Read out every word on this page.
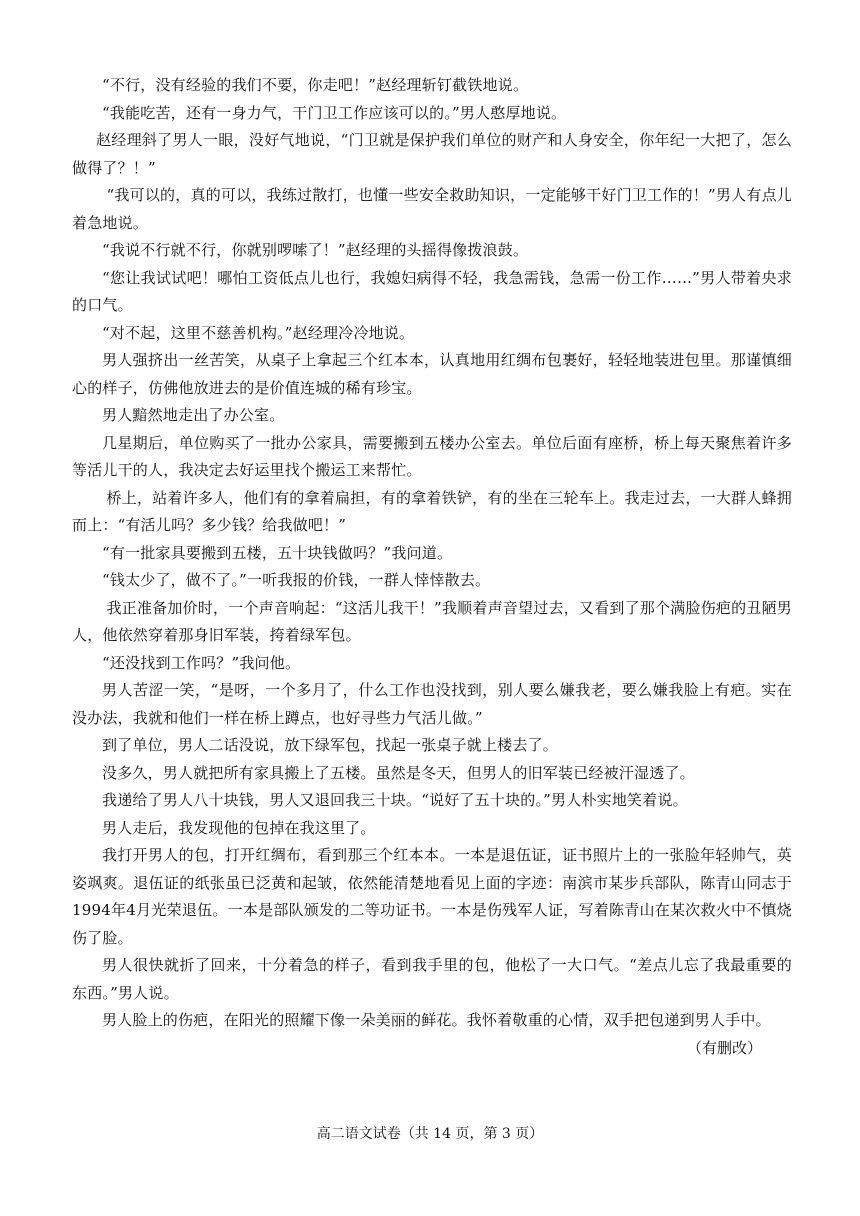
“不行，没有经验的我们不要，你走吧！”赵经理斩钉截铁地说。

“我能吃苦，还有一身力气，干门卫工作应该可以的。”男人憨厚地说。

赵经理斜了男人一眼，没好气地说，“门卫就是保护我们单位的财产和人身安全，你年纪一大把了，怎么做得了？！”

“我可以的，真的可以，我练过散打，也懂一些安全救助知识，一定能够干好门卫工作的！”男人有点儿着急地说。

“我说不行就不行，你就别啰嗦了！”赵经理的头摇得像拨浪鼓。

“您让我试试吧！哪怕工资低点儿也行，我媳妇病得不轻，我急需钱，急需一份工作……”男人带着央求的口气。

“对不起，这里不慈善机构。”赵经理冷冷地说。

男人强挤出一丝苦笑，从桌子上拿起三个红本本，认真地用红绸布包裹好，轻轻地装进包里。那谨慎细心的样子，仿佛他放进去的是价值连城的稀有珍宝。

男人黯然地走出了办公室。

几星期后，单位购买了一批办公家具，需要搬到五楼办公室去。单位后面有座桥，桥上每天聚焦着许多等活儿干的人，我决定去好运里找个搬运工来帮忙。

桥上，站着许多人，他们有的拿着扁担，有的拿着铁铲，有的坐在三轮车上。我走过去，一大群人蜂拥而上：“有活儿吗？多少钱？给我做吧！”

“有一批家具要搬到五楼，五十块钱做吗？”我问道。

“钱太少了，做不了。”一听我报的价钱，一群人悻悻散去。

我正准备加价时，一个声音响起：“这活儿我干！”我顺着声音望过去，又看到了那个满脸伤疤的丑陋男人，他依然穿着那身旧军装，挎着绿军包。

“还没找到工作吗？”我问他。

男人苦涩一笑，“是呀，一个多月了，什么工作也没找到，别人要么嫌我老，要么嫌我脸上有疤。实在没办法，我就和他们一样在桥上蹲点，也好寻些力气活儿做。”

到了单位，男人二话没说，放下绿军包，找起一张桌子就上楼去了。

没多久，男人就把所有家具搬上了五楼。虽然是冬天，但男人的旧军装已经被汗湿透了。

我递给了男人八十块钱，男人又退回我三十块。“说好了五十块的。”男人朴实地笑着说。

男人走后，我发现他的包掉在我这里了。

我打开男人的包，打开红绸布，看到那三个红本本。一本是退伍证，证书照片上的一张脸年轻帅气，英姿飒爽。退伍证的纸张虽已泛黄和起皱，依然能清楚地看见上面的字迹：南滨市某步兵部队，陈青山同志于1994年4月光荣退伍。一本是部队颁发的二等功证书。一本是伤残军人证，写着陈青山在某次救火中不慎烧伤了脸。

男人很快就折了回来，十分着急的样子，看到我手里的包，他松了一大口气。“差点儿忘了我最重要的东西。”男人说。

男人脸上的伤疤，在阳光的照耀下像一朵美丽的鲜花。我怀着敬重的心情，双手把包递到男人手中。

（有删改）

高二语文试卷（共 14 页，第 3 页）
